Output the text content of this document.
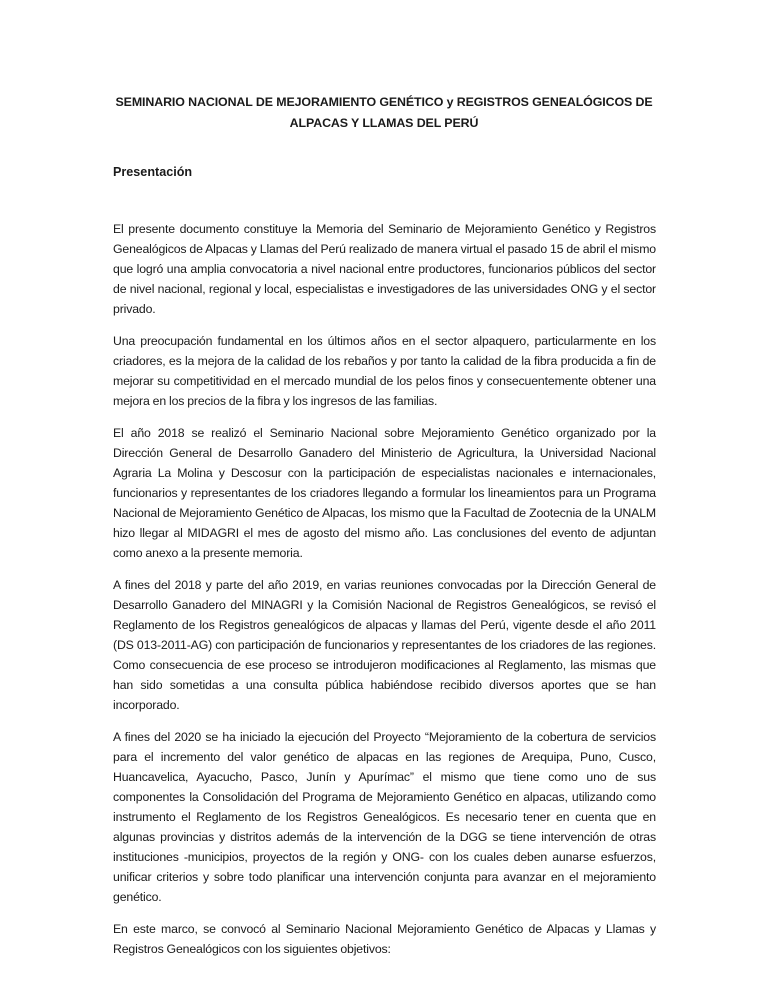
SEMINARIO NACIONAL DE MEJORAMIENTO GENÉTICO y REGISTROS GENEALÓGICOS DE
ALPACAS Y LLAMAS DEL PERÚ
Presentación

El presente documento constituye la Memoria del Seminario de Mejoramiento Genético y Registros Genealógicos de Alpacas y Llamas del Perú realizado de manera virtual el pasado 15 de abril el mismo que logró una amplia convocatoria a nivel nacional entre productores, funcionarios públicos del sector de nivel nacional, regional y local, especialistas e investigadores de las universidades ONG y el sector privado.

Una preocupación fundamental en los últimos años en el sector alpaquero, particularmente en los criadores, es la mejora de la calidad de los rebaños y por tanto la calidad de la fibra producida a fin de mejorar su competitividad en el mercado mundial de los pelos finos y consecuentemente obtener una mejora en los precios de la fibra y los ingresos de las familias.

El año 2018 se realizó el Seminario Nacional sobre Mejoramiento Genético organizado por la Dirección General de Desarrollo Ganadero del Ministerio de Agricultura, la Universidad Nacional Agraria La Molina y Descosur con la participación de especialistas nacionales e internacionales, funcionarios y representantes de los criadores llegando a formular los lineamientos para un Programa Nacional de Mejoramiento Genético de Alpacas, los mismo que la Facultad de Zootecnia de la UNALM hizo llegar al MIDAGRI el mes de agosto del mismo año. Las conclusiones del evento de adjuntan como anexo a la presente memoria.

A fines del 2018 y parte del año 2019, en varias reuniones convocadas por la Dirección General de Desarrollo Ganadero del MINAGRI y la Comisión Nacional de Registros Genealógicos, se revisó el Reglamento de los Registros genealógicos de alpacas y llamas del Perú, vigente desde el año 2011 (DS 013-2011-AG) con participación de funcionarios y representantes de los criadores de las regiones. Como consecuencia de ese proceso se introdujeron modificaciones al Reglamento, las mismas que han sido sometidas a una consulta pública habiéndose recibido diversos aportes que se han incorporado.

A fines del 2020 se ha iniciado la ejecución del Proyecto “Mejoramiento de la cobertura de servicios para el incremento del valor genético de alpacas en las regiones de Arequipa, Puno, Cusco, Huancavelica, Ayacucho, Pasco, Junín y Apurímac” el mismo que tiene como uno de sus componentes la Consolidación del Programa de Mejoramiento Genético en alpacas, utilizando como instrumento el Reglamento de los Registros Genealógicos. Es necesario tener en cuenta que en algunas provincias y distritos además de la intervención de la DGG se tiene intervención de otras instituciones -municipios, proyectos de la región y ONG- con los cuales deben aunarse esfuerzos, unificar criterios y sobre todo planificar una intervención conjunta para avanzar en el mejoramiento genético.

En este marco, se convocó al Seminario Nacional Mejoramiento Genético de Alpacas y Llamas y Registros Genealógicos con los siguientes objetivos:
